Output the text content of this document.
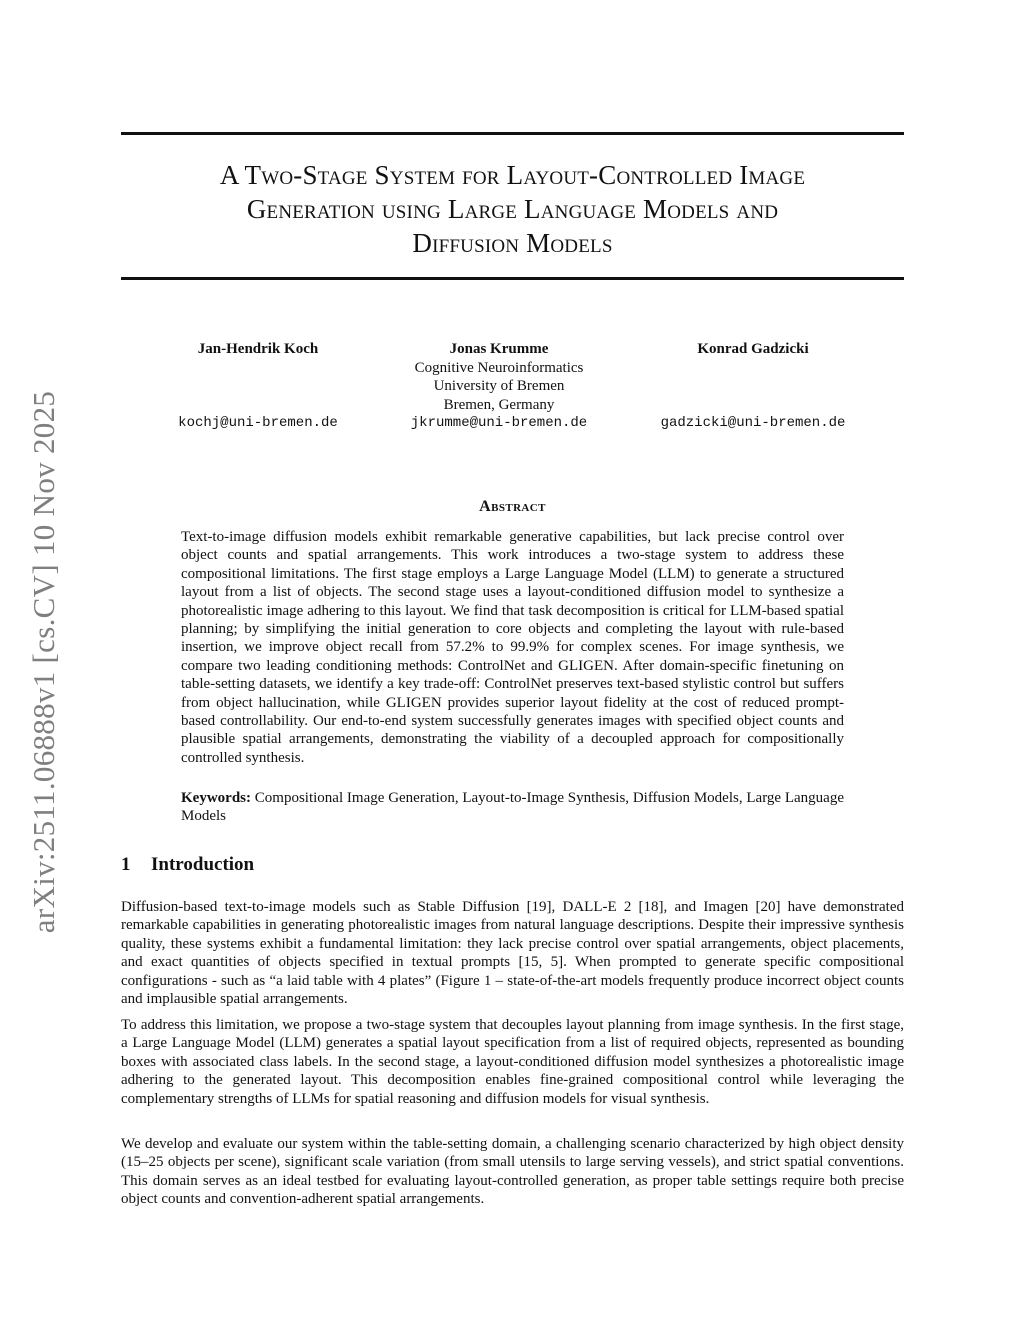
arXiv:2511.06888v1 [cs.CV] 10 Nov 2025
A Two-Stage System for Layout-Controlled Image
Generation using Large Language Models and
Diffusion Models
Jan-Hendrik Koch
kochj@uni-bremen.de
Jonas Krumme
Cognitive Neuroinformatics
University of Bremen
Bremen, Germany
jkrumme@uni-bremen.de
Konrad Gadzicki
gadzicki@uni-bremen.de
Abstract
Text-to-image diffusion models exhibit remarkable generative capabilities, but lack precise control over object counts and spatial arrangements. This work introduces a two-stage system to address these compositional limitations. The first stage employs a Large Language Model (LLM) to generate a structured layout from a list of objects. The second stage uses a layout-conditioned diffusion model to synthesize a photorealistic image adhering to this layout. We find that task decomposition is critical for LLM-based spatial planning; by simplifying the initial generation to core objects and completing the layout with rule-based insertion, we improve object recall from 57.2% to 99.9% for complex scenes. For image synthesis, we compare two leading conditioning methods: ControlNet and GLIGEN. After domain-specific finetuning on table-setting datasets, we identify a key trade-off: ControlNet preserves text-based stylistic control but suffers from object hallucination, while GLIGEN provides superior layout fidelity at the cost of reduced prompt-based controllability. Our end-to-end system successfully generates images with specified object counts and plausible spatial arrangements, demonstrating the viability of a decoupled approach for compositionally controlled synthesis.
Keywords: Compositional Image Generation, Layout-to-Image Synthesis, Diffusion Models, Large Language Models
1 Introduction
Diffusion-based text-to-image models such as Stable Diffusion [19], DALL-E 2 [18], and Imagen [20] have demonstrated remarkable capabilities in generating photorealistic images from natural language descriptions. Despite their impressive synthesis quality, these systems exhibit a fundamental limitation: they lack precise control over spatial arrangements, object placements, and exact quantities of objects specified in textual prompts [15, 5]. When prompted to generate specific compositional configurations - such as “a laid table with 4 plates” (Figure 1 – state-of-the-art models frequently produce incorrect object counts and implausible spatial arrangements.
To address this limitation, we propose a two-stage system that decouples layout planning from image synthesis. In the first stage, a Large Language Model (LLM) generates a spatial layout specification from a list of required objects, represented as bounding boxes with associated class labels. In the second stage, a layout-conditioned diffusion model synthesizes a photorealistic image adhering to the generated layout. This decomposition enables fine-grained compositional control while leveraging the complementary strengths of LLMs for spatial reasoning and diffusion models for visual synthesis.
We develop and evaluate our system within the table-setting domain, a challenging scenario characterized by high object density (15–25 objects per scene), significant scale variation (from small utensils to large serving vessels), and strict spatial conventions. This domain serves as an ideal testbed for evaluating layout-controlled generation, as proper table settings require both precise object counts and convention-adherent spatial arrangements.
